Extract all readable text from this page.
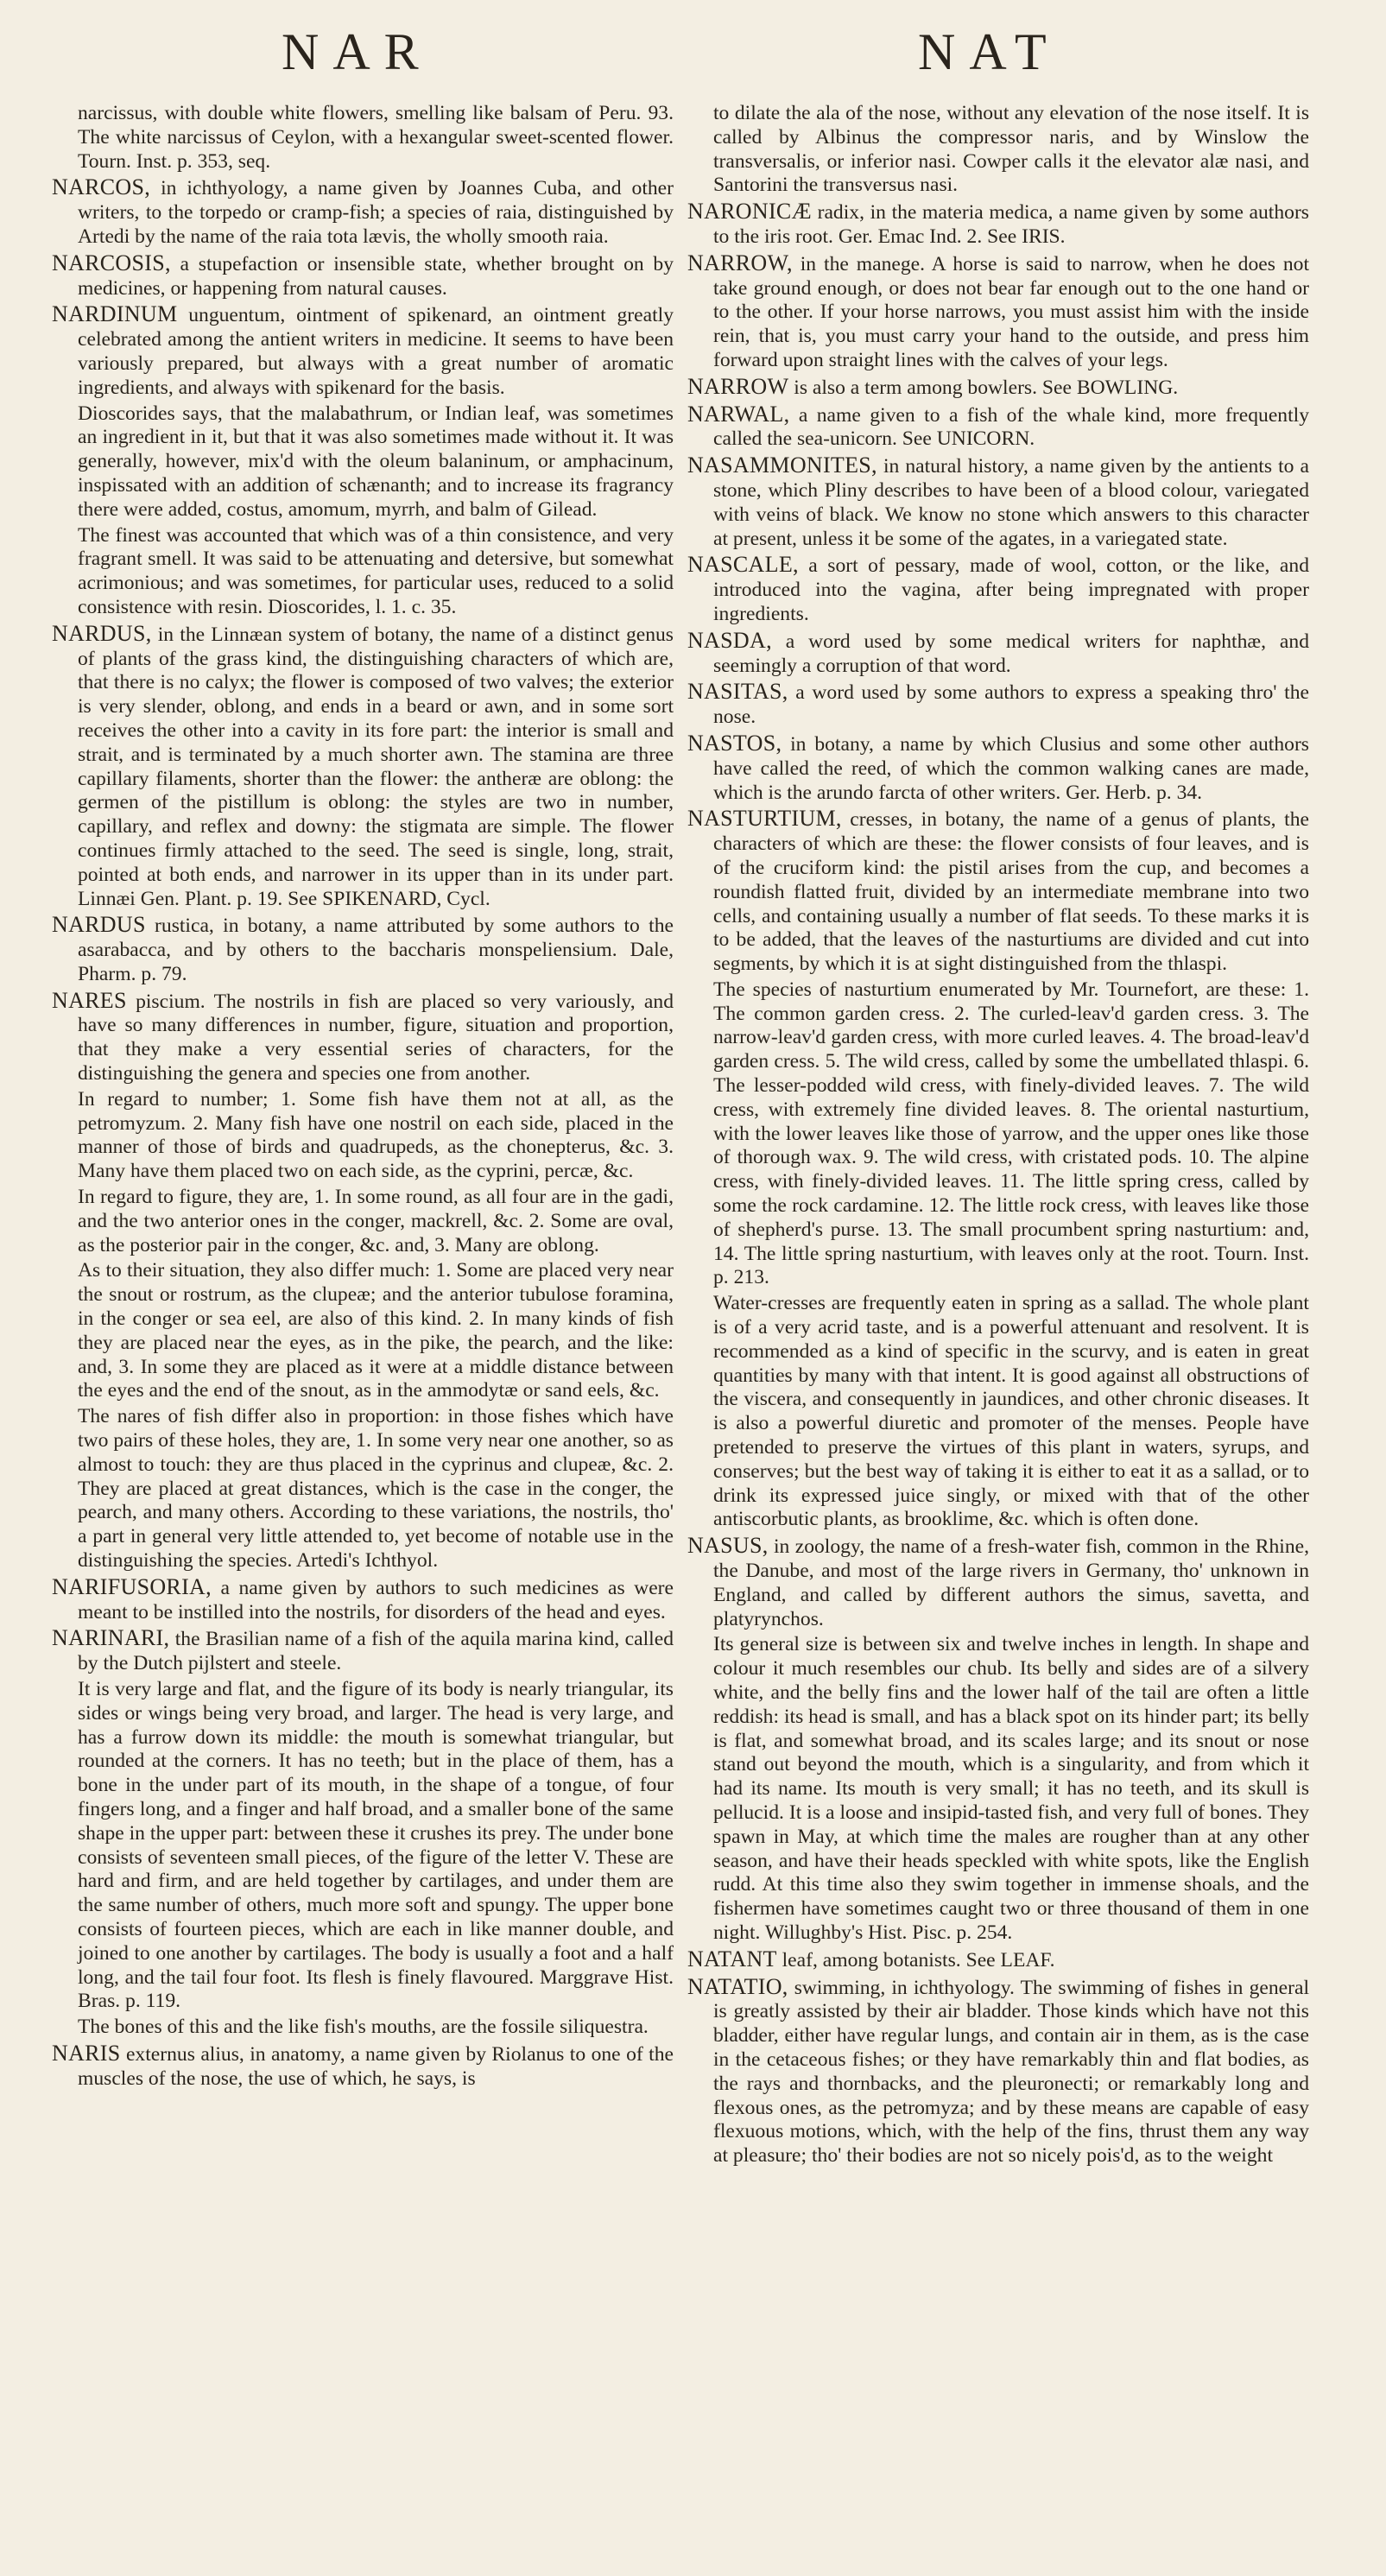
NAR	NAT

narcissus, with double white flowers, smelling like balsam of Peru. 93. The white narcissus of Ceylon, with a hexangular sweet-scented flower. Tourn. Inst. p. 353, seq.

NARCOS, in ichthyology, a name given by Joannes Cuba, and other writers, to the torpedo or cramp-fish; a species of raia, distinguished by Artedi by the name of the raia tota lævis, the wholly smooth raia.

NARCOSIS, a stupefaction or insensible state, whether brought on by medicines, or happening from natural causes.

NARDINUM unguentum, ointment of spikenard, an ointment greatly celebrated among the antient writers in medicine. It seems to have been variously prepared, but always with a great number of aromatic ingredients, and always with spikenard for the basis.

Dioscorides says, that the malabathrum, or Indian leaf, was sometimes an ingredient in it, but that it was also sometimes made without it. It was generally, however, mix'd with the oleum balaninum, or amphacinum, inspissated with an addition of schænanth; and to increase its fragrancy there were added, costus, amomum, myrrh, and balm of Gilead.

The finest was accounted that which was of a thin consistence, and very fragrant smell. It was said to be attenuating and detersive, but somewhat acrimonious; and was sometimes, for particular uses, reduced to a solid consistence with resin. Dioscorides, l. 1. c. 35.

NARDUS, in the Linnæan system of botany, the name of a distinct genus of plants of the grass kind, the distinguishing characters of which are, that there is no calyx; the flower is composed of two valves; the exterior is very slender, oblong, and ends in a beard or awn, and in some sort receives the other into a cavity in its fore part: the interior is small and strait, and is terminated by a much shorter awn. The stamina are three capillary filaments, shorter than the flower: the antheræ are oblong: the germen of the pistillum is oblong: the styles are two in number, capillary, and reflex and downy: the stigmata are simple. The flower continues firmly attached to the seed. The seed is single, long, strait, pointed at both ends, and narrower in its upper than in its under part. Linnæi Gen. Plant. p. 19. See SPIKENARD, Cycl.

NARDUS rustica, in botany, a name attributed by some authors to the asarabacca, and by others to the baccharis monspeliensium. Dale, Pharm. p. 79.

NARES piscium. The nostrils in fish are placed so very variously, and have so many differences in number, figure, situation and proportion, that they make a very essential series of characters, for the distinguishing the genera and species one from another.

In regard to number; 1. Some fish have them not at all, as the petromyzum. 2. Many fish have one nostril on each side, placed in the manner of those of birds and quadrupeds, as the chonepterus, &c. 3. Many have them placed two on each side, as the cyprini, percæ, &c.

In regard to figure, they are, 1. In some round, as all four are in the gadi, and the two anterior ones in the conger, mackrell, &c. 2. Some are oval, as the posterior pair in the conger, &c. and, 3. Many are oblong.

As to their situation, they also differ much: 1. Some are placed very near the snout or rostrum, as the clupeæ; and the anterior tubulose foramina, in the conger or sea eel, are also of this kind. 2. In many kinds of fish they are placed near the eyes, as in the pike, the pearch, and the like: and, 3. In some they are placed as it were at a middle distance between the eyes and the end of the snout, as in the ammodytæ or sand eels, &c.

The nares of fish differ also in proportion: in those fishes which have two pairs of these holes, they are, 1. In some very near one another, so as almost to touch: they are thus placed in the cyprinus and clupeæ, &c. 2. They are placed at great distances, which is the case in the conger, the pearch, and many others. According to these variations, the nostrils, tho' a part in general very little attended to, yet become of notable use in the distinguishing the species. Artedi's Ichthyol.

NARIFUSORIA, a name given by authors to such medicines as were meant to be instilled into the nostrils, for disorders of the head and eyes.

NARINARI, the Brasilian name of a fish of the aquila marina kind, called by the Dutch pijlstert and steele.

It is very large and flat, and the figure of its body is nearly triangular, its sides or wings being very broad, and larger. The head is very large, and has a furrow down its middle: the mouth is somewhat triangular, but rounded at the corners. It has no teeth; but in the place of them, has a bone in the under part of its mouth, in the shape of a tongue, of four fingers long, and a finger and half broad, and a smaller bone of the same shape in the upper part: between these it crushes its prey. The under bone consists of seventeen small pieces, of the figure of the letter V. These are hard and firm, and are held together by cartilages, and under them are the same number of others, much more soft and spungy. The upper bone consists of fourteen pieces, which are each in like manner double, and joined to one another by cartilages. The body is usually a foot and a half long, and the tail four foot. Its flesh is finely flavoured. Marggrave Hist. Bras. p. 119.

The bones of this and the like fish's mouths, are the fossile siliquestra.

NARIS externus alius, in anatomy, a name given by Riolanus to one of the muscles of the nose, the use of which, he says, is

to dilate the ala of the nose, without any elevation of the nose itself. It is called by Albinus the compressor naris, and by Winslow the transversalis, or inferior nasi. Cowper calls it the elevator alæ nasi, and Santorini the transversus nasi.

NARONICÆ radix, in the materia medica, a name given by some authors to the iris root. Ger. Emac Ind. 2. See IRIS.

NARROW, in the manege. A horse is said to narrow, when he does not take ground enough, or does not bear far enough out to the one hand or to the other. If your horse narrows, you must assist him with the inside rein, that is, you must carry your hand to the outside, and press him forward upon straight lines with the calves of your legs.

NARROW is also a term among bowlers. See BOWLING.

NARWAL, a name given to a fish of the whale kind, more frequently called the sea-unicorn. See UNICORN.

NASAMMONITES, in natural history, a name given by the antients to a stone, which Pliny describes to have been of a blood colour, variegated with veins of black. We know no stone which answers to this character at present, unless it be some of the agates, in a variegated state.

NASCALE, a sort of pessary, made of wool, cotton, or the like, and introduced into the vagina, after being impregnated with proper ingredients.

NASDA, a word used by some medical writers for naphthæ, and seemingly a corruption of that word.

NASITAS, a word used by some authors to express a speaking thro' the nose.

NASTOS, in botany, a name by which Clusius and some other authors have called the reed, of which the common walking canes are made, which is the arundo farcta of other writers. Ger. Herb. p. 34.

NASTURTIUM, cresses, in botany, the name of a genus of plants, the characters of which are these: the flower consists of four leaves, and is of the cruciform kind: the pistil arises from the cup, and becomes a roundish flatted fruit, divided by an intermediate membrane into two cells, and containing usually a number of flat seeds. To these marks it is to be added, that the leaves of the nasturtiums are divided and cut into segments, by which it is at sight distinguished from the thlaspi.

The species of nasturtium enumerated by Mr. Tournefort, are these: 1. The common garden cress. 2. The curled-leav'd garden cress. 3. The narrow-leav'd garden cress, with more curled leaves. 4. The broad-leav'd garden cress. 5. The wild cress, called by some the umbellated thlaspi. 6. The lesser-podded wild cress, with finely-divided leaves. 7. The wild cress, with extremely fine divided leaves. 8. The oriental nasturtium, with the lower leaves like those of yarrow, and the upper ones like those of thorough wax. 9. The wild cress, with cristated pods. 10. The alpine cress, with finely-divided leaves. 11. The little spring cress, called by some the rock cardamine. 12. The little rock cress, with leaves like those of shepherd's purse. 13. The small procumbent spring nasturtium: and, 14. The little spring nasturtium, with leaves only at the root. Tourn. Inst. p. 213.

Water-cresses are frequently eaten in spring as a sallad. The whole plant is of a very acrid taste, and is a powerful attenuant and resolvent. It is recommended as a kind of specific in the scurvy, and is eaten in great quantities by many with that intent. It is good against all obstructions of the viscera, and consequently in jaundices, and other chronic diseases. It is also a powerful diuretic and promoter of the menses. People have pretended to preserve the virtues of this plant in waters, syrups, and conserves; but the best way of taking it is either to eat it as a sallad, or to drink its expressed juice singly, or mixed with that of the other antiscorbutic plants, as brooklime, &c. which is often done.

NASUS, in zoology, the name of a fresh-water fish, common in the Rhine, the Danube, and most of the large rivers in Germany, tho' unknown in England, and called by different authors the simus, savetta, and platyrynchos.

Its general size is between six and twelve inches in length. In shape and colour it much resembles our chub. Its belly and sides are of a silvery white, and the belly fins and the lower half of the tail are often a little reddish: its head is small, and has a black spot on its hinder part; its belly is flat, and somewhat broad, and its scales large; and its snout or nose stand out beyond the mouth, which is a singularity, and from which it had its name. Its mouth is very small; it has no teeth, and its skull is pellucid. It is a loose and insipid-tasted fish, and very full of bones. They spawn in May, at which time the males are rougher than at any other season, and have their heads speckled with white spots, like the English rudd. At this time also they swim together in immense shoals, and the fishermen have sometimes caught two or three thousand of them in one night. Willughby's Hist. Pisc. p. 254.

NATANT leaf, among botanists. See LEAF.

NATATIO, swimming, in ichthyology. The swimming of fishes in general is greatly assisted by their air bladder. Those kinds which have not this bladder, either have regular lungs, and contain air in them, as is the case in the cetaceous fishes; or they have remarkably thin and flat bodies, as the rays and thornbacks, and the pleuronecti; or remarkably long and flexous ones, as the petromyza; and by these means are capable of easy flexuous motions, which, with the help of the fins, thrust them any way at pleasure; tho' their bodies are not so nicely pois'd, as to the weight
